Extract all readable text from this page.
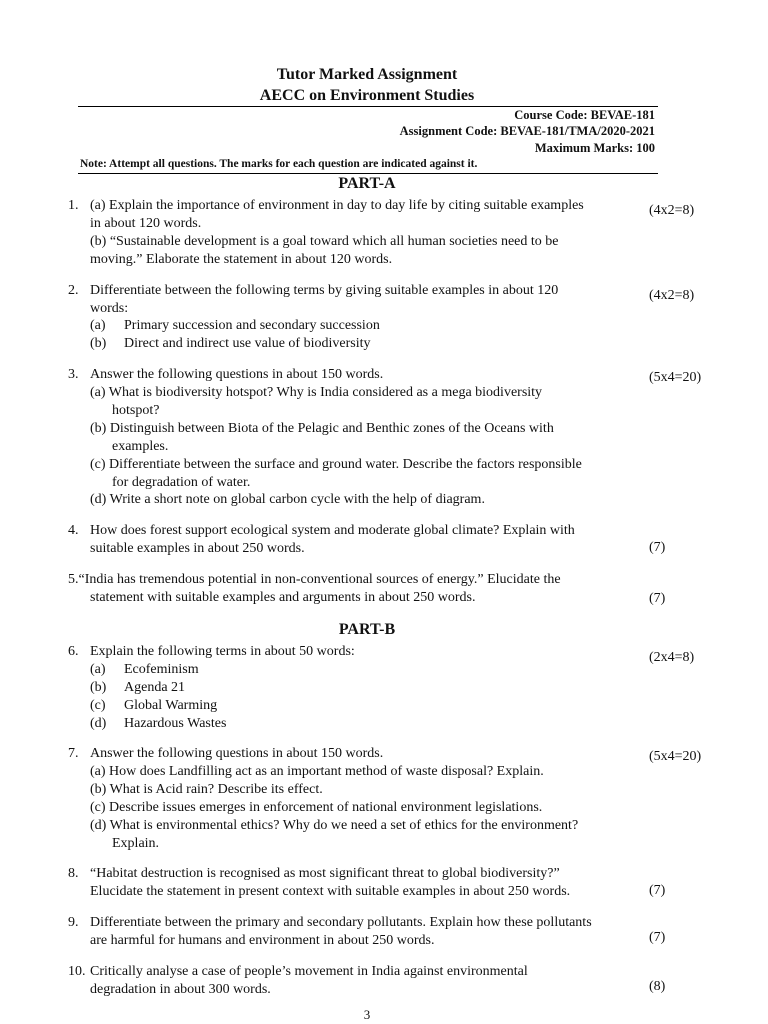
Tutor Marked Assignment
AECC on Environment Studies
Course Code: BEVAE-181
Assignment Code: BEVAE-181/TMA/2020-2021
Maximum Marks: 100
Note: Attempt all questions. The marks for each question are indicated against it.
PART-A
1. (a) Explain the importance of environment in day to day life by citing suitable examples
in about 120 words.
(b) “Sustainable development is a goal toward which all human societies need to be
moving.” Elaborate the statement in about 120 words.
(4x2=8)
2. Differentiate between the following terms by giving suitable examples in about 120
words:
(a) Primary succession and secondary succession
(b) Direct and indirect use value of biodiversity
(4x2=8)
3. Answer the following questions in about 150 words.
(a) What is biodiversity hotspot? Why is India considered as a mega biodiversity
hotspot?
(b) Distinguish between Biota of the Pelagic and Benthic zones of the Oceans with
examples.
(c) Differentiate between the surface and ground water. Describe the factors responsible
for degradation of water.
(d) Write a short note on global carbon cycle with the help of diagram.
(5x4=20)
4. How does forest support ecological system and moderate global climate? Explain with
suitable examples in about 250 words.	(7)
5.“India has tremendous potential in non-conventional sources of energy.” Elucidate the
statement with suitable examples and arguments in about 250 words.	(7)
PART-B
6. Explain the following terms in about 50 words:
(a) Ecofeminism
(b) Agenda 21
(c) Global Warming
(d) Hazardous Wastes
(2x4=8)
7. Answer the following questions in about 150 words.
(a) How does Landfilling act as an important method of waste disposal? Explain.
(b) What is Acid rain? Describe its effect.
(c) Describe issues emerges in enforcement of national environment legislations.
(d) What is environmental ethics? Why do we need a set of ethics for the environment?
Explain.
(5x4=20)
8. “Habitat destruction is recognised as most significant threat to global biodiversity?”
Elucidate the statement in present context with suitable examples in about 250 words.	(7)
9. Differentiate between the primary and secondary pollutants. Explain how these pollutants
are harmful for humans and environment in about 250 words.	(7)
10. Critically analyse a case of people’s movement in India against environmental
degradation in about 300 words.	(8)
3
